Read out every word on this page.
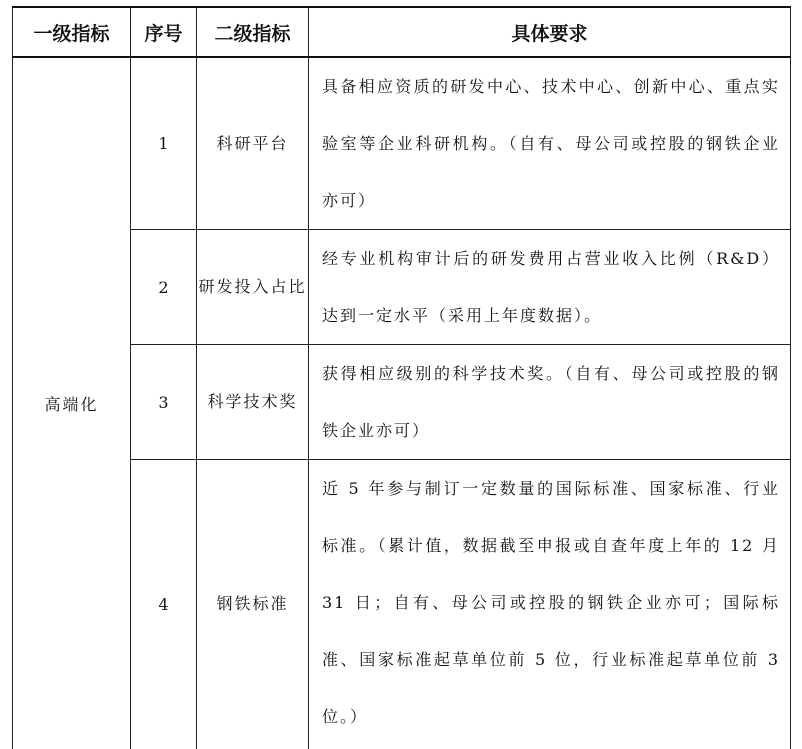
一级指标	序号	二级指标	具体要求
高端化	1	科研平台	具备相应资质的研发中心、技术中心、创新中心、重点实验室等企业科研机构。（自有、母公司或控股的钢铁企业亦可）
	2	研发投入占比	经专业机构审计后的研发费用占营业收入比例（R&D）达到一定水平（采用上年度数据）。
	3	科学技术奖	获得相应级别的科学技术奖。（自有、母公司或控股的钢铁企业亦可）
	4	钢铁标准	近 5 年参与制订一定数量的国际标准、国家标准、行业标准。（累计值，数据截至申报或自查年度上年的 12 月 31 日；自有、母公司或控股的钢铁企业亦可；国际标准、国家标准起草单位前 5 位，行业标准起草单位前 3 位。）
